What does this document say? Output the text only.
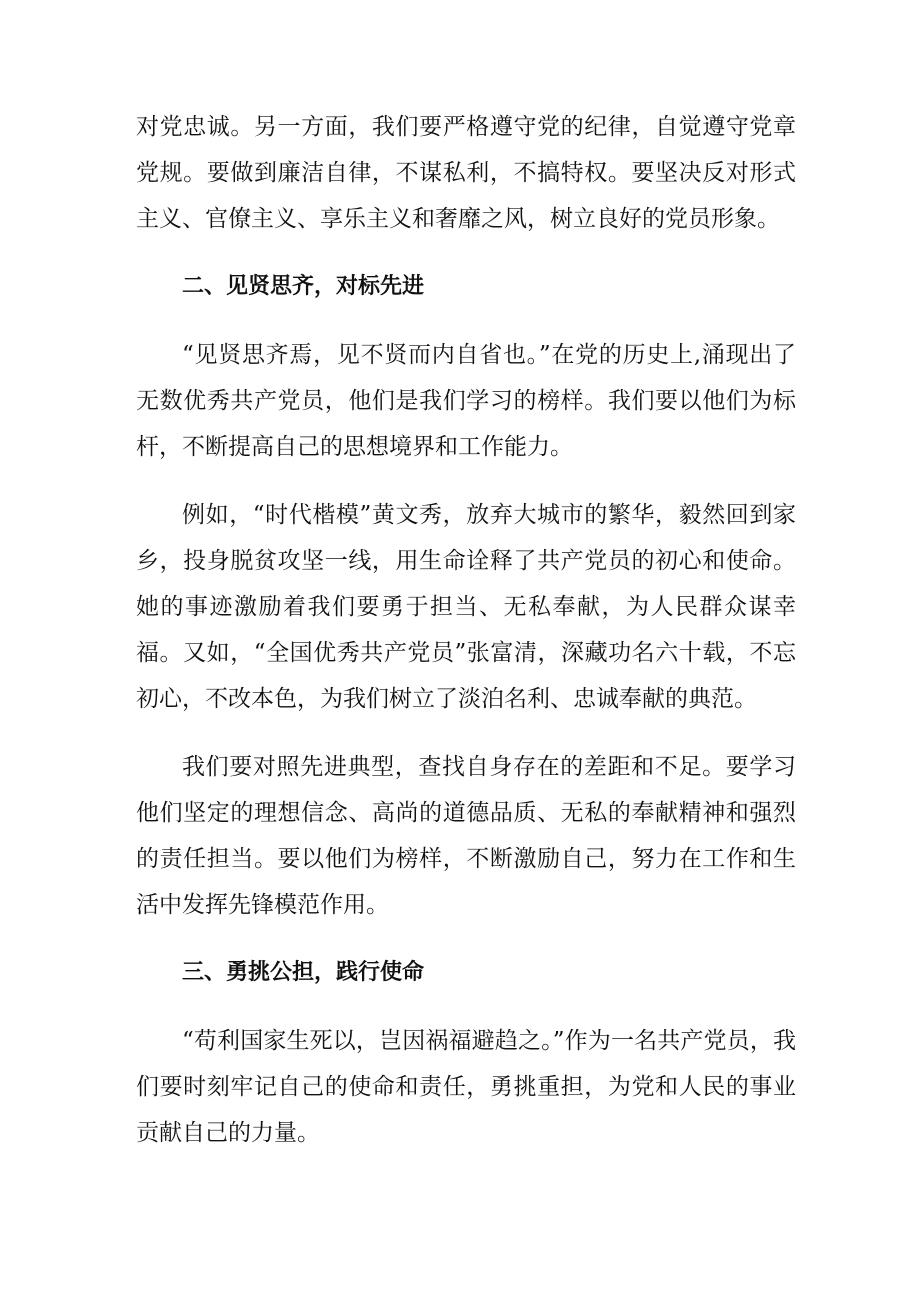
对党忠诚。另一方面，我们要严格遵守党的纪律，自觉遵守党章党规。要做到廉洁自律，不谋私利，不搞特权。要坚决反对形式主义、官僚主义、享乐主义和奢靡之风，树立良好的党员形象。

二、见贤思齐，对标先进

“见贤思齐焉，见不贤而内自省也。”在党的历史上,涌现出了无数优秀共产党员，他们是我们学习的榜样。我们要以他们为标杆，不断提高自己的思想境界和工作能力。

例如，“时代楷模”黄文秀，放弃大城市的繁华，毅然回到家乡，投身脱贫攻坚一线，用生命诠释了共产党员的初心和使命。她的事迹激励着我们要勇于担当、无私奉献，为人民群众谋幸福。又如，“全国优秀共产党员”张富清，深藏功名六十载，不忘初心，不改本色，为我们树立了淡泊名利、忠诚奉献的典范。

我们要对照先进典型，查找自身存在的差距和不足。要学习他们坚定的理想信念、高尚的道德品质、无私的奉献精神和强烈的责任担当。要以他们为榜样，不断激励自己，努力在工作和生活中发挥先锋模范作用。

三、勇挑公担，践行使命

“苟利国家生死以，岂因祸福避趋之。”作为一名共产党员，我们要时刻牢记自己的使命和责任，勇挑重担，为党和人民的事业贡献自己的力量。
